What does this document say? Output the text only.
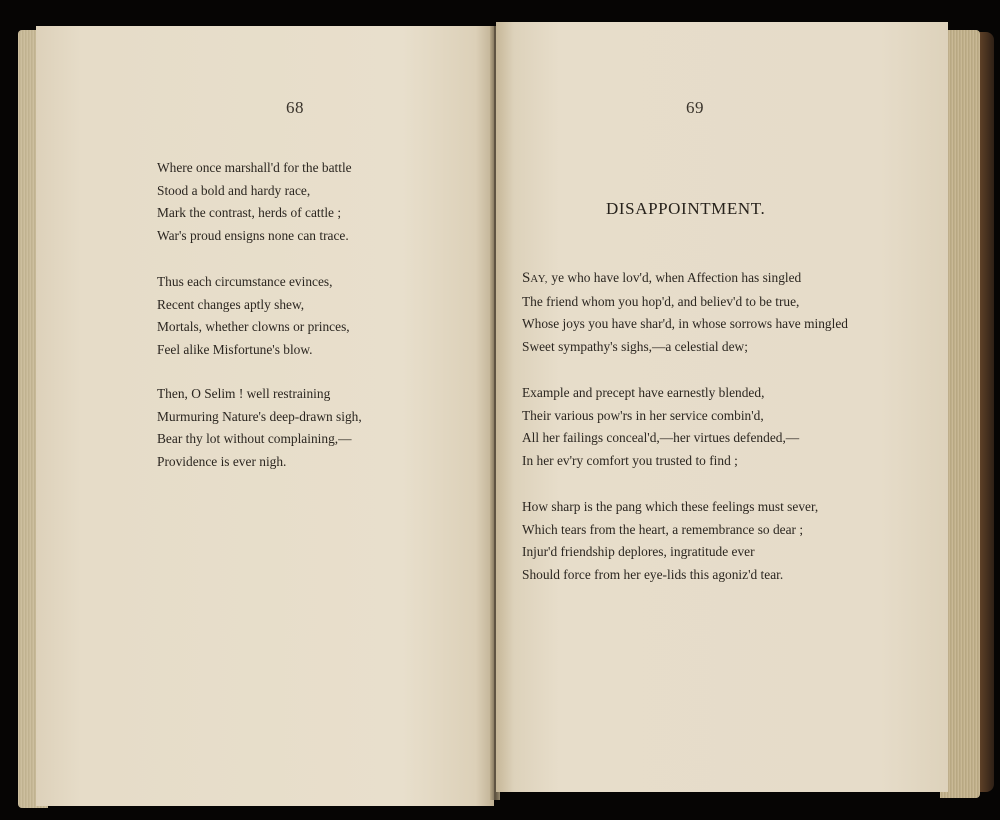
68
Where once marshall'd for the battle
Stood a bold and hardy race,
Mark the contrast, herds of cattle ;
War's proud ensigns none can trace.
Thus each circumstance evinces,
Recent changes aptly shew,
Mortals, whether clowns or princes,
Feel alike Misfortune's blow.
Then, O Selim ! well restraining
Murmuring Nature's deep-drawn sigh,
Bear thy lot without complaining,—
Providence is ever nigh.
69
DISAPPOINTMENT.
SAY, ye who have lov'd, when Affection has singled
The friend whom you hop'd, and believ'd to be true,
Whose joys you have shar'd, in whose sorrows have mingled
Sweet sympathy's sighs,—a celestial dew;
Example and precept have earnestly blended,
Their various pow'rs in her service combin'd,
All her failings conceal'd,—her virtues defended,—
In her ev'ry comfort you trusted to find ;
How sharp is the pang which these feelings must sever,
Which tears from the heart, a remembrance so dear ;
Injur'd friendship deplores, ingratitude ever
Should force from her eye-lids this agoniz'd tear.
